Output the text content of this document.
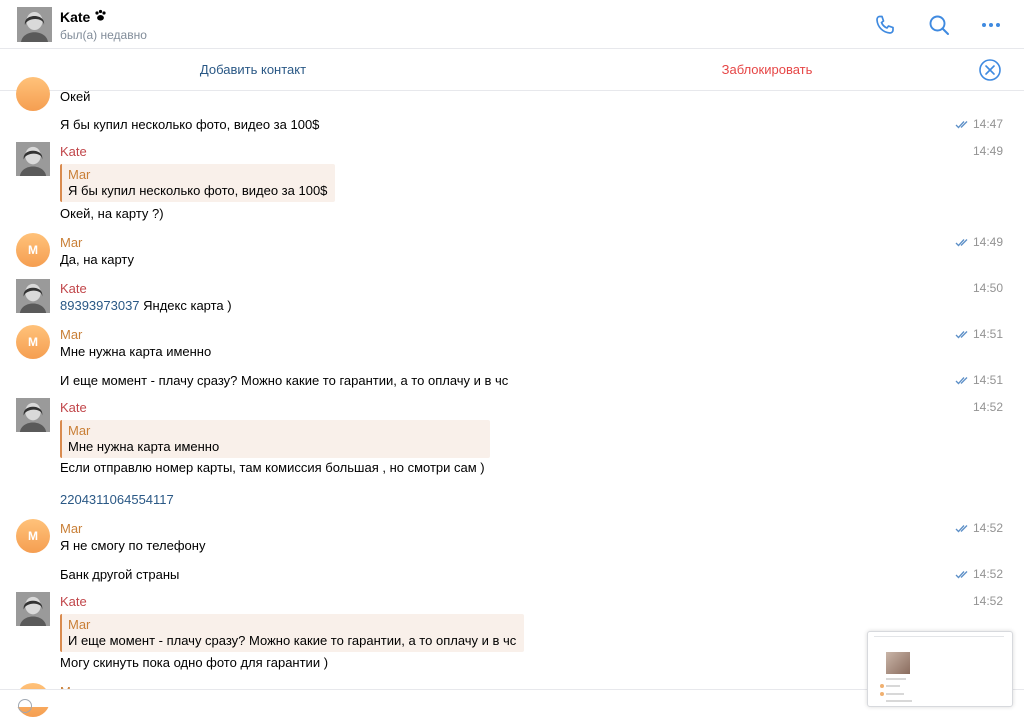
Kate
был(а) недавно
Добавить контакт	Заблокировать
Окей
Я бы купил несколько фото, видео за 100$	14:47
Kate	14:49
Mar
Я бы купил несколько фото, видео за 100$
Окей, на карту ?)
M	Mar	14:49
Да, на карту
Kate	14:50
89393973037 Яндекс карта )
M	Mar	14:51
Мне нужна карта именно
И еще момент - плачу сразу? Можно какие то гарантии, а то оплачу и в чс	14:51
Kate	14:52
Mar
Мне нужна карта именно
Если отправлю номер карты, там комиссия большая , но смотри сам )
2204311064554117
M	Mar	14:52
Я не смогу по телефону
Банк другой страны	14:52
Kate	14:52
Mar
И еще момент - плачу сразу? Можно какие то гарантии, а то оплачу и в чс
Могу скинуть пока одно фото для гарантии )
